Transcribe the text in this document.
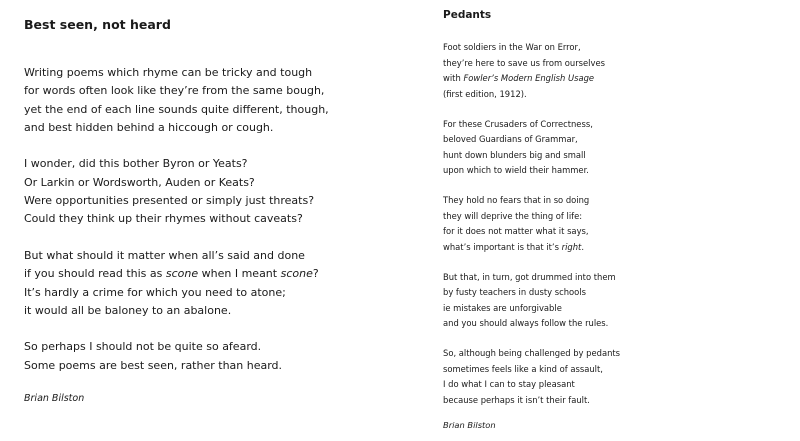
Best seen, not heard

Writing poems which rhyme can be tricky and tough
for words often look like they’re from the same bough,
yet the end of each line sounds quite different, though,
and best hidden behind a hiccough or cough.

I wonder, did this bother Byron or Yeats?
Or Larkin or Wordsworth, Auden or Keats?
Were opportunities presented or simply just threats?
Could they think up their rhymes without caveats?

But what should it matter when all’s said and done
if you should read this as scone when I meant scone?
It’s hardly a crime for which you need to atone;
it would all be baloney to an abalone.

So perhaps I should not be quite so afeard.
Some poems are best seen, rather than heard.

Brian Bilston

Pedants

Foot soldiers in the War on Error,
they’re here to save us from ourselves
with Fowler’s Modern English Usage
(first edition, 1912).

For these Crusaders of Correctness,
beloved Guardians of Grammar,
hunt down blunders big and small
upon which to wield their hammer.

They hold no fears that in so doing
they will deprive the thing of life:
for it does not matter what it says,
what’s important is that it’s right.

But that, in turn, got drummed into them
by fusty teachers in dusty schools
ie mistakes are unforgivable
and you should always follow the rules.

So, although being challenged by pedants
sometimes feels like a kind of assault,
I do what I can to stay pleasant
because perhaps it isn’t their fault.

Brian Bilston
